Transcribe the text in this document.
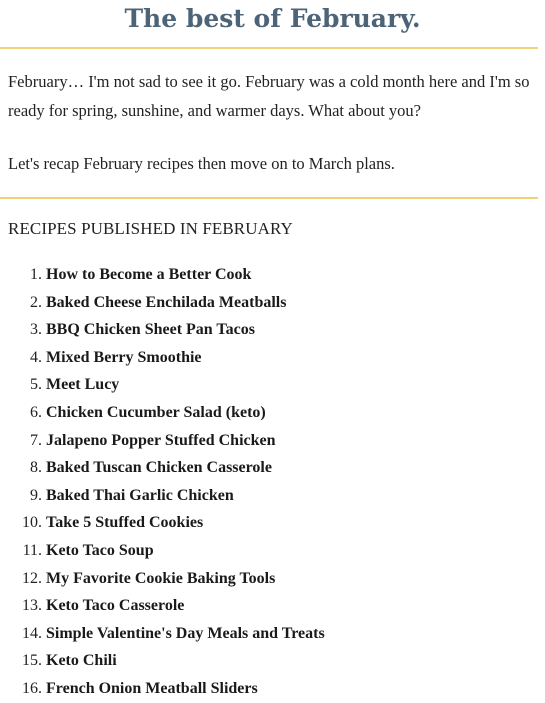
The best of February.

February… I'm not sad to see it go. February was a cold month here and I'm so ready for spring, sunshine, and warmer days. What about you?

Let's recap February recipes then move on to March plans.

RECIPES PUBLISHED IN FEBRUARY
1. How to Become a Better Cook
2. Baked Cheese Enchilada Meatballs
3. BBQ Chicken Sheet Pan Tacos
4. Mixed Berry Smoothie
5. Meet Lucy
6. Chicken Cucumber Salad (keto)
7. Jalapeno Popper Stuffed Chicken
8. Baked Tuscan Chicken Casserole
9. Baked Thai Garlic Chicken
10. Take 5 Stuffed Cookies
11. Keto Taco Soup
12. My Favorite Cookie Baking Tools
13. Keto Taco Casserole
14. Simple Valentine's Day Meals and Treats
15. Keto Chili
16. French Onion Meatball Sliders
